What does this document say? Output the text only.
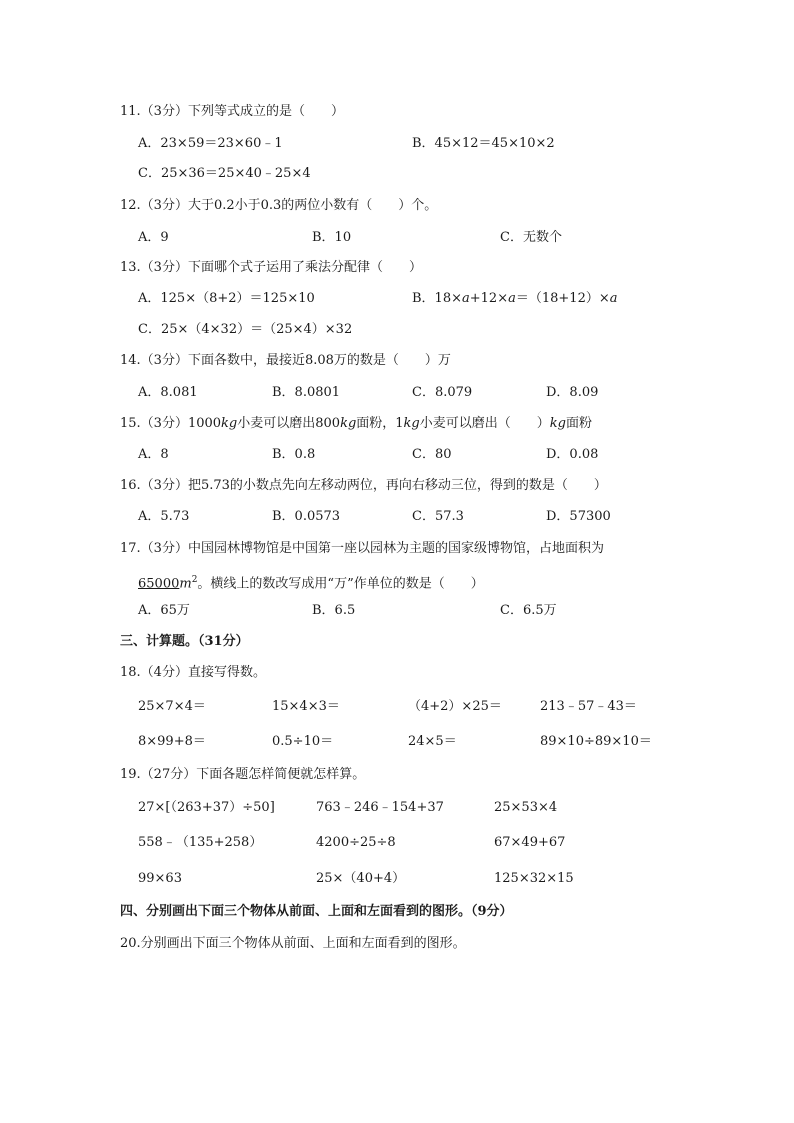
11.（3分）下列等式成立的是（　　）
A．23×59＝23×60﹣1	B．45×12＝45×10×2
C．25×36＝25×40﹣25×4
12.（3分）大于0.2小于0.3的两位小数有（　　）个。
A．9	B．10	C．无数个
13.（3分）下面哪个式子运用了乘法分配律（　　）
A．125×（8+2）＝125×10	B．18×a+12×a＝（18+12）×a
C．25×（4×32）＝（25×4）×32
14.（3分）下面各数中，最接近8.08万的数是（　　）万
A．8.081	B．8.0801	C．8.079	D．8.09
15.（3分）1000kg小麦可以磨出800kg面粉，1kg小麦可以磨出（　　）kg面粉
A．8	B．0.8	C．80	D．0.08
16.（3分）把5.73的小数点先向左移动两位，再向右移动三位，得到的数是（　　）
A．5.73	B．0.0573	C．57.3	D．57300
17.（3分）中国园林博物馆是中国第一座以园林为主题的国家级博物馆，占地面积为
$65000m^2$。横线上的数改写成用“万”作单位的数是（　　）
A．65万	B．6.5	C．6.5万
三、计算题。（31分）
18.（4分）直接写得数。
25×7×4＝	15×4×3＝	（4+2）×25＝	213﹣57﹣43＝
8×99+8＝	0.5÷10＝	24×5＝	89×10÷89×10＝
19.（27分）下面各题怎样简便就怎样算。
27×[（263+37）÷50]	763﹣246﹣154+37	25×53×4
558﹣（135+258）	4200÷25÷8	67×49+67
99×63	25×（40+4）	125×32×15
四、分别画出下面三个物体从前面、上面和左面看到的图形。（9分）
20.分别画出下面三个物体从前面、上面和左面看到的图形。
